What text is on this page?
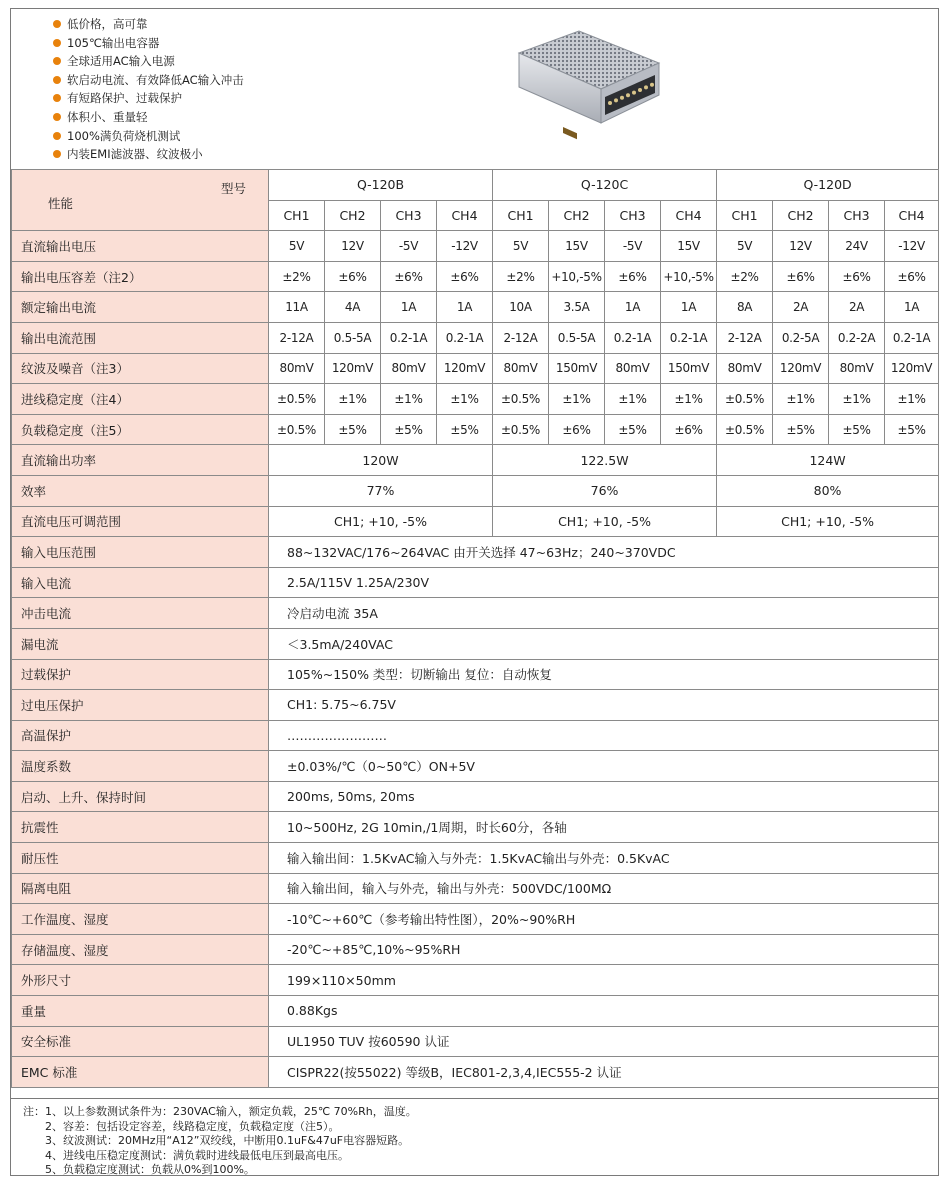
低价格，高可靠
105℃输出电容器
全球适用AC输入电源
软启动电流、有效降低AC输入冲击
有短路保护、过载保护
体积小、重量轻
100%满负荷烧机测试
内装EMI滤波器、纹波极小
型号
性能	Q-120B				Q-120C				Q-120D			
	CH1	CH2	CH3	CH4	CH1	CH2	CH3	CH4	CH1	CH2	CH3	CH4
直流输出电压	5V	12V	-5V	-12V	5V	15V	-5V	15V	5V	12V	24V	-12V
输出电压容差（注2）	±2%	±6%	±6%	±6%	±2%	+10,-5%	±6%	+10,-5%	±2%	±6%	±6%	±6%
额定输出电流	11A	4A	1A	1A	10A	3.5A	1A	1A	8A	2A	2A	1A
输出电流范围	2-12A	0.5-5A	0.2-1A	0.2-1A	2-12A	0.5-5A	0.2-1A	0.2-1A	2-12A	0.2-5A	0.2-2A	0.2-1A
纹波及噪音（注3）	80mV	120mV	80mV	120mV	80mV	150mV	80mV	150mV	80mV	120mV	80mV	120mV
进线稳定度（注4）	±0.5%	±1%	±1%	±1%	±0.5%	±1%	±1%	±1%	±0.5%	±1%	±1%	±1%
负载稳定度（注5）	±0.5%	±5%	±5%	±5%	±0.5%	±6%	±5%	±6%	±0.5%	±5%	±5%	±5%
直流输出功率	120W				122.5W				124W			
效率	77%				76%				80%			
直流电压可调范围	CH1; +10, -5%				CH1; +10, -5%				CH1; +10, -5%			
输入电压范围	88~132VAC/176~264VAC 由开关选择 47~63Hz；240~370VDC											
输入电流	2.5A/115V 1.25A/230V											
冲击电流	冷启动电流 35A											
漏电流	＜3.5mA/240VAC											
过载保护	105%~150% 类型：切断输出 复位：自动恢复											
过电压保护	CH1: 5.75~6.75V											
高温保护	……………………											
温度系数	±0.03%/℃（0~50℃）ON+5V											
启动、上升、保持时间	200ms, 50ms, 20ms											
抗震性	10~500Hz, 2G 10min,/1周期，时长60分，各轴											
耐压性	输入输出间：1.5KvAC输入与外壳：1.5KvAC输出与外壳：0.5KvAC											
隔离电阻	输入输出间，输入与外壳，输出与外壳：500VDC/100MΩ											
工作温度、湿度	-10℃~+60℃（参考输出特性图），20%~90%RH											
存储温度、湿度	-20℃~+85℃,10%~95%RH											
外形尺寸	199×110×50mm											
重量	0.88Kgs											
安全标准	UL1950 TUV 按60590 认证											
EMC 标准	CISPR22(按55022) 等级B，IEC801-2,3,4,IEC555-2 认证											
注：1、以上参数测试条件为：230VAC输入，额定负载，25℃ 70%Rh，温度。
2、容差：包括设定容差，线路稳定度，负载稳定度（注5）。
3、纹波测试：20MHz用“A12”双绞线，中断用0.1uF&47uF电容器短路。
4、进线电压稳定度测试：满负载时进线最低电压到最高电压。
5、负载稳定度测试：负载从0%到100%。
